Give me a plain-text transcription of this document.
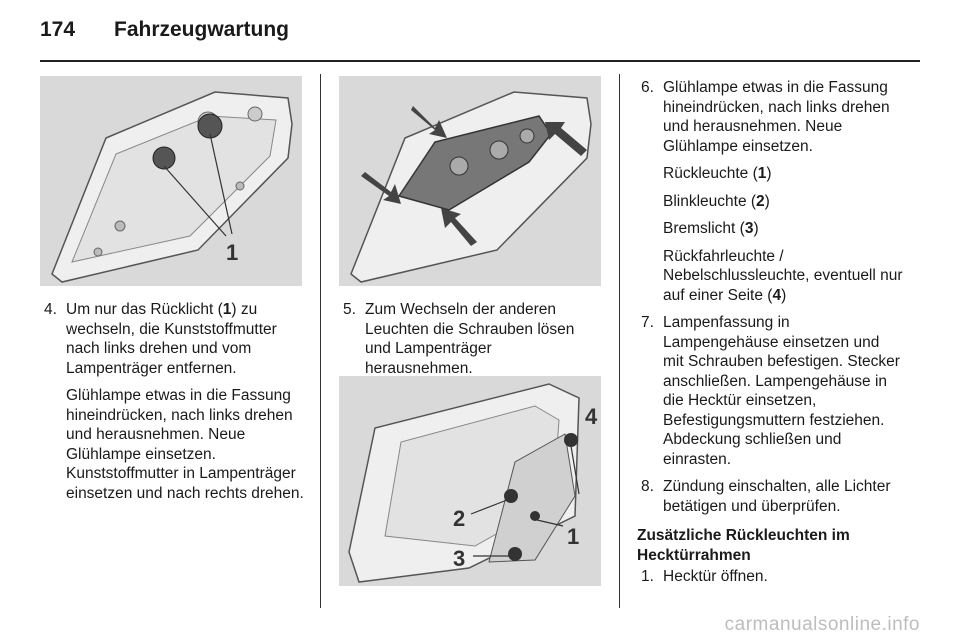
174 Fahrzeugwartung
1
4
2
1
3
4. Um nur das Rücklicht (1) zu wechseln, die Kunststoffmutter nach links drehen und vom Lampenträger entfernen.
Glühlampe etwas in die Fassung hineindrücken, nach links drehen und herausnehmen. Neue Glühlampe einsetzen. Kunststoffmutter in Lampenträger einsetzen und nach rechts drehen.
5. Zum Wechseln der anderen Leuchten die Schrauben lösen und Lampenträger herausnehmen.
6. Glühlampe etwas in die Fassung hineindrücken, nach links drehen und herausnehmen. Neue Glühlampe einsetzen.
Rückleuchte (1)
Blinkleuchte (2)
Bremslicht (3)
Rückfahrleuchte / Nebelschlussleuchte, eventuell nur auf einer Seite (4)
7. Lampenfassung in Lampengehäuse einsetzen und mit Schrauben befestigen. Stecker anschließen. Lampengehäuse in die Hecktür einsetzen, Befestigungsmuttern festziehen. Abdeckung schließen und einrasten.
8. Zündung einschalten, alle Lichter betätigen und überprüfen.
Zusätzliche Rückleuchten im Hecktürrahmen
1. Hecktür öffnen.
carmanualsonline.info
